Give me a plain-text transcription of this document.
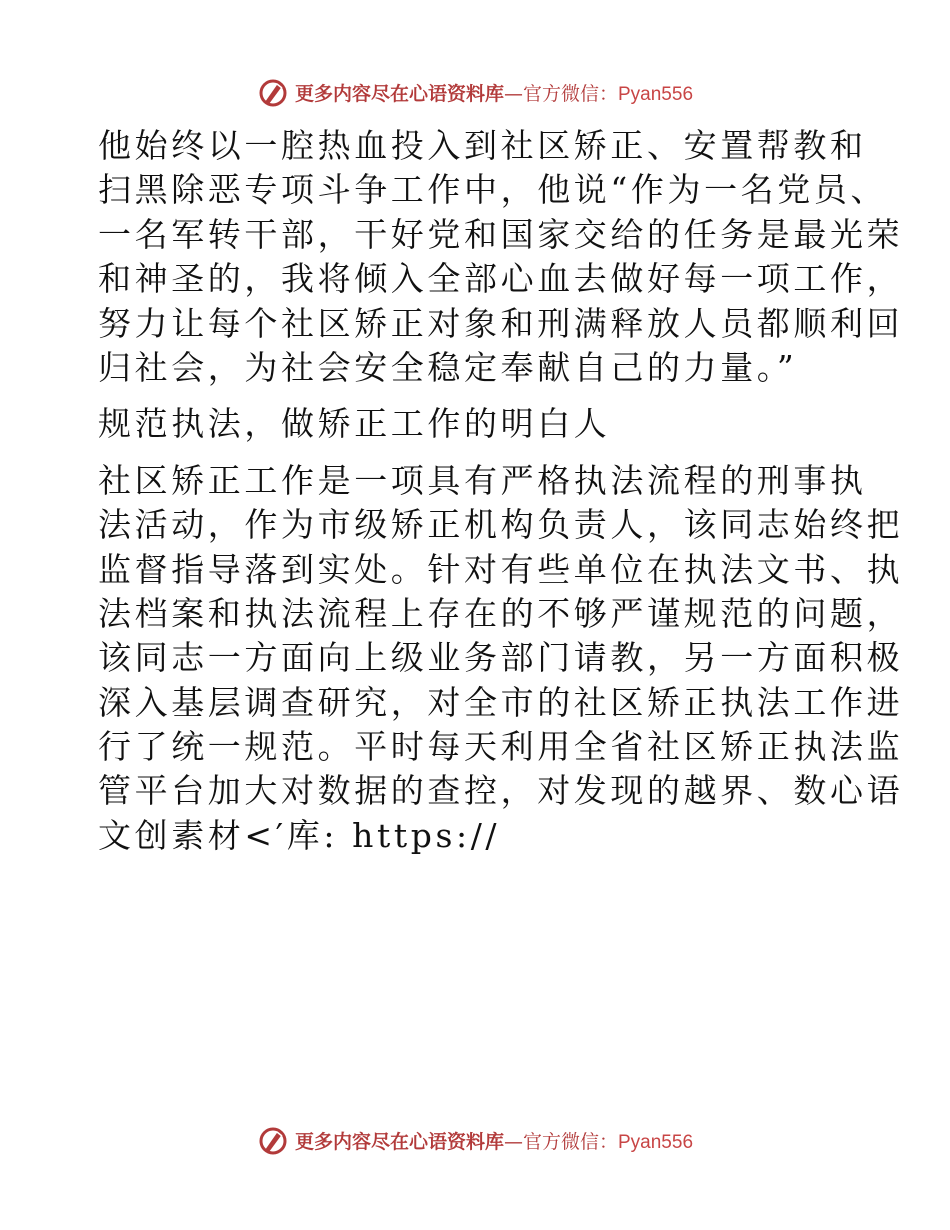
更多内容尽在心语资料库—官方微信：Pyan556

他始终以一腔热血投入到社区矫正、安置帮教和
扫黑除恶专项斗争工作中，他说“作为一名党员、
一名军转干部，干好党和国家交给的任务是最光荣
和神圣的，我将倾入全部心血去做好每一项工作，
努力让每个社区矫正对象和刑满释放人员都顺利回
归社会，为社会安全稳定奉献自己的力量。”

规范执法，做矫正工作的明白人

社区矫正工作是一项具有严格执法流程的刑事执
法活动，作为市级矫正机构负责人，该同志始终把
监督指导落到实处。针对有些单位在执法文书、执
法档案和执法流程上存在的不够严谨规范的问题，
该同志一方面向上级业务部门请教，另一方面积极
深入基层调查研究，对全市的社区矫正执法工作进
行了统一规范。平时每天利用全省社区矫正执法监
管平台加大对数据的查控，对发现的越界、数心语
文创素材<′库: https://

更多内容尽在心语资料库—官方微信：Pyan556
